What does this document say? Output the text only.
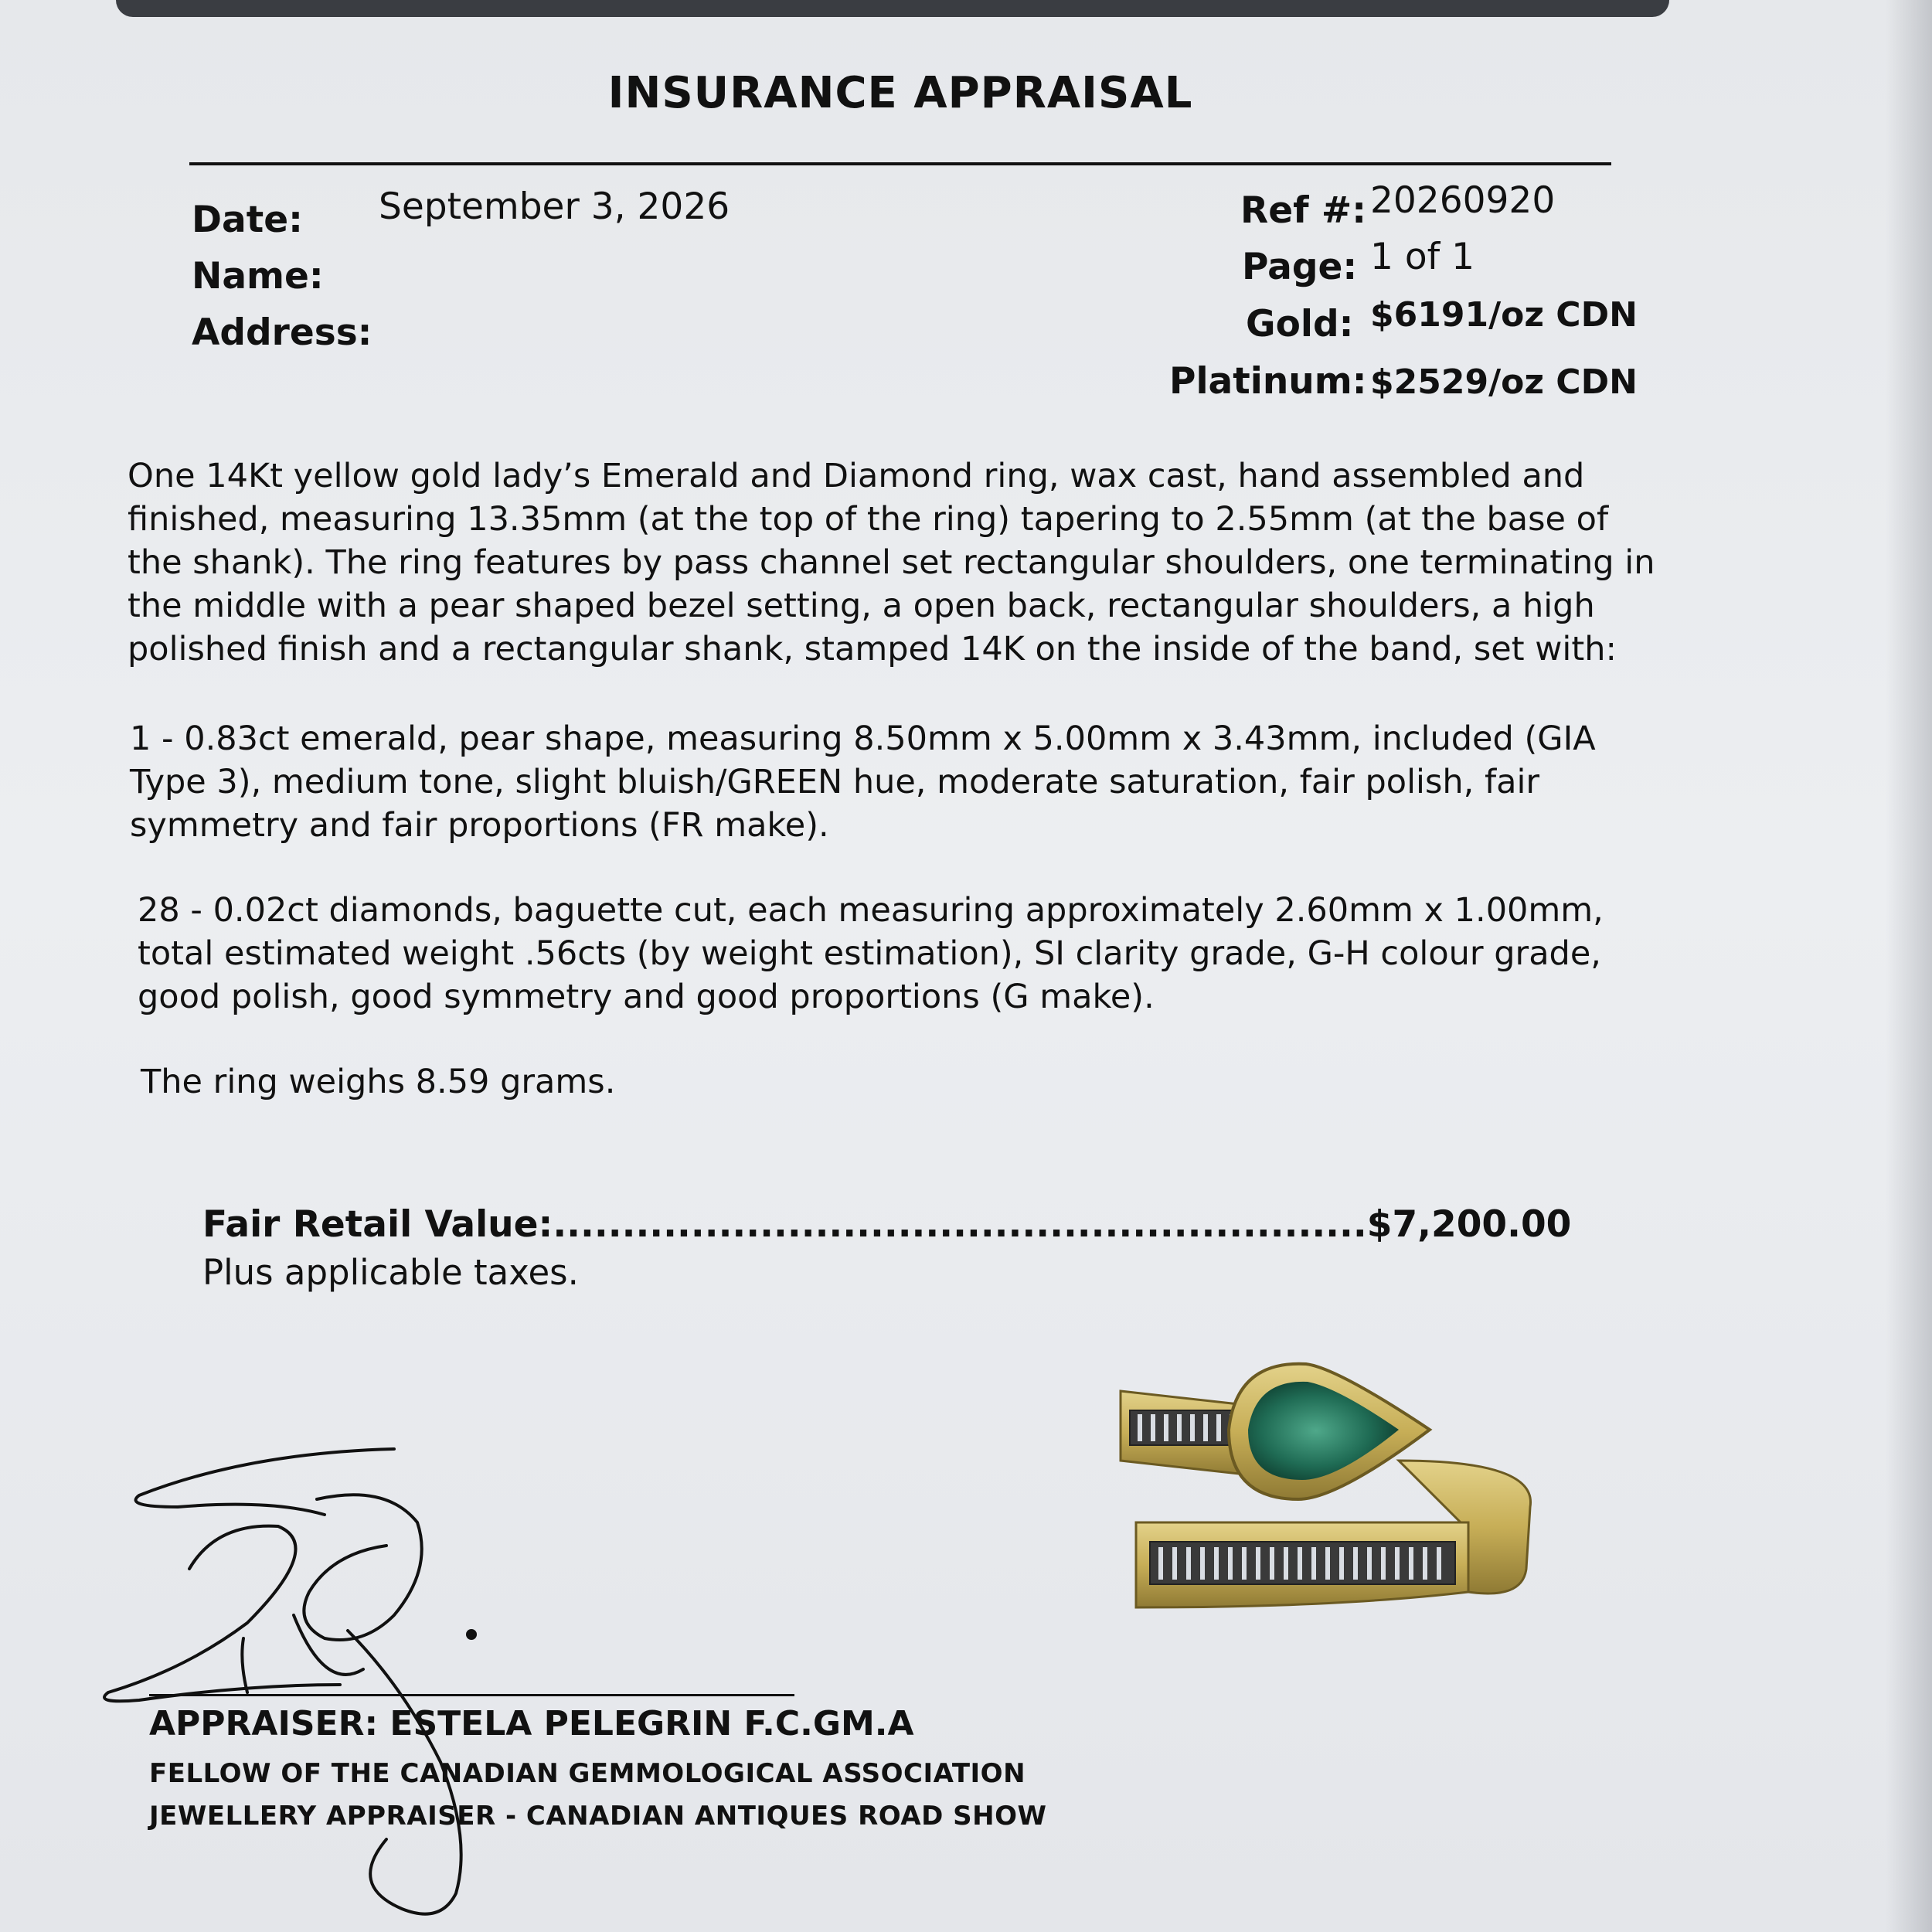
INSURANCE APPRAISAL
Date: September 3, 2026
Name:
Address:
Ref #: 20260920
Page: 1 of 1
Gold: $6191/oz CDN
Platinum: $2529/oz CDN
One 14Kt yellow gold lady’s Emerald and Diamond ring, wax cast, hand assembled and finished, measuring 13.35mm (at the top of the ring) tapering to 2.55mm (at the base of the shank). The ring features by pass channel set rectangular shoulders, one terminating in the middle with a pear shaped bezel setting, a open back, rectangular shoulders, a high polished finish and a rectangular shank, stamped 14K on the inside of the band, set with:
1 - 0.83ct emerald, pear shape, measuring 8.50mm x 5.00mm x 3.43mm, included (GIA Type 3), medium tone, slight bluish/GREEN hue, moderate saturation, fair polish, fair symmetry and fair proportions (FR make).
28 - 0.02ct diamonds, baguette cut, each measuring approximately 2.60mm x 1.00mm, total estimated weight .56cts (by weight estimation), SI clarity grade, G-H colour grade, good polish, good symmetry and good proportions (G make).
The ring weighs 8.59 grams.
Fair Retail Value:...........................................................$7,200.00
Plus applicable taxes.
APPRAISER: ESTELA PELEGRIN F.C.GM.A
FELLOW OF THE CANADIAN GEMMOLOGICAL ASSOCIATION
JEWELLERY APPRAISER - CANADIAN ANTIQUES ROAD SHOW
